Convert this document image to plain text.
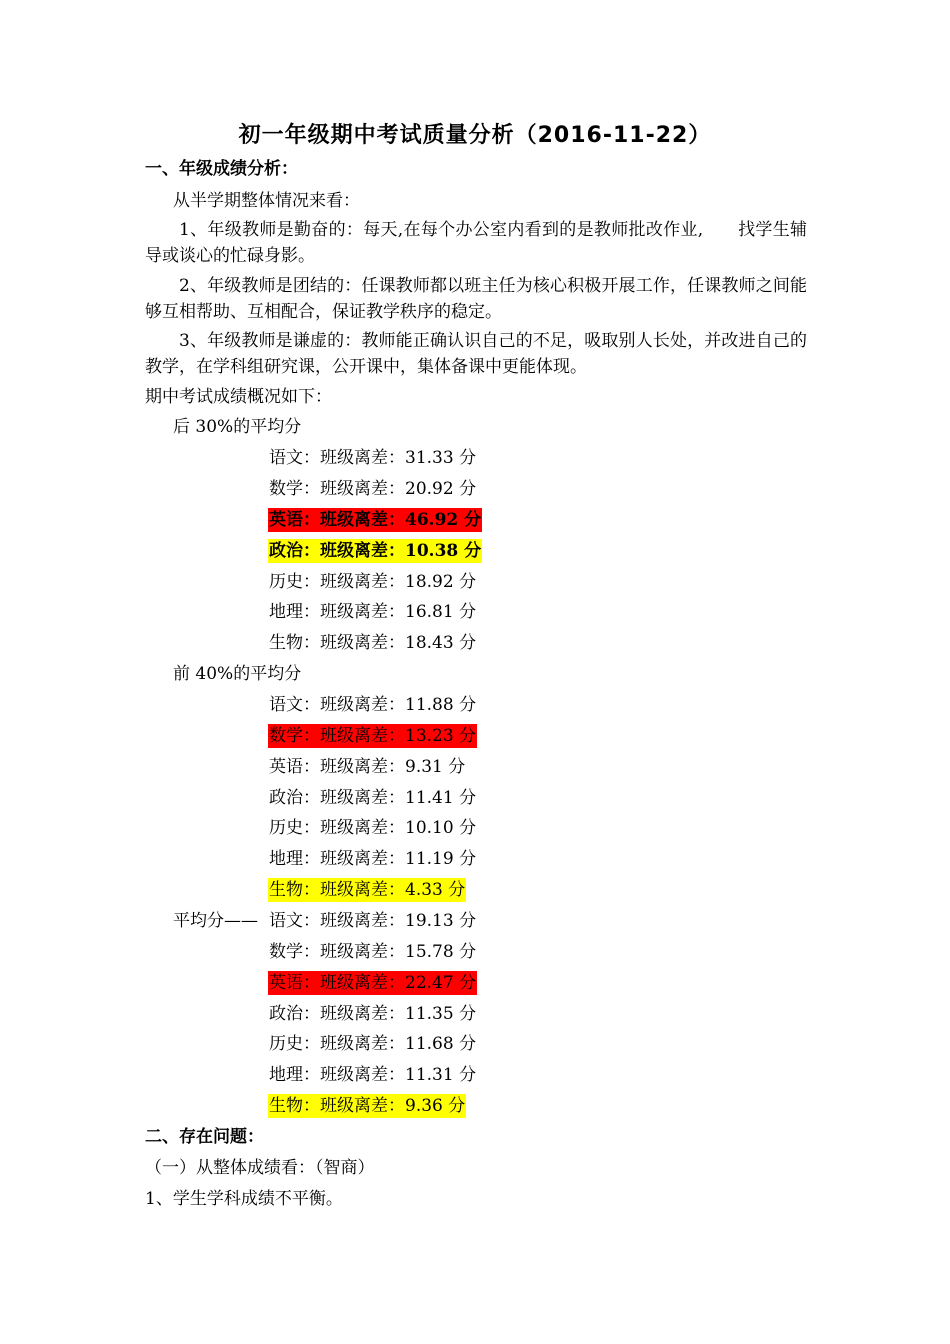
初一年级期中考试质量分析（2016-11-22）
一、年级成绩分析：
从半学期整体情况来看：

1、年级教师是勤奋的：每天,在每个办公室内看到的是教师批改作业,　　找学生辅导或谈心的忙碌身影。

2、年级教师是团结的：任课教师都以班主任为核心积极开展工作，任课教师之间能够互相帮助、互相配合，保证教学秩序的稳定。

3、年级教师是谦虚的：教师能正确认识自己的不足，吸取别人长处，并改进自己的教学，在学科组研究课，公开课中，集体备课中更能体现。

期中考试成绩概况如下：
后 30%的平均分
语文：班级离差：31.33 分
数学：班级离差：20.92 分
英语：班级离差：46.92 分
政治：班级离差：10.38 分
历史：班级离差：18.92 分
地理：班级离差：16.81 分
生物：班级离差：18.43 分
前 40%的平均分
语文：班级离差：11.88 分
数学：班级离差：13.23 分
英语：班级离差：9.31 分
政治：班级离差：11.41 分
历史：班级离差：10.10 分
地理：班级离差：11.19 分
生物：班级离差：4.33 分
平均分—— 语文：班级离差：19.13 分
数学：班级离差：15.78 分
英语：班级离差：22.47 分
政治：班级离差：11.35 分
历史：班级离差：11.68 分
地理：班级离差：11.31 分
生物：班级离差：9.36 分
二、存在问题：
（一）从整体成绩看：（智商）
1、学生学科成绩不平衡。
